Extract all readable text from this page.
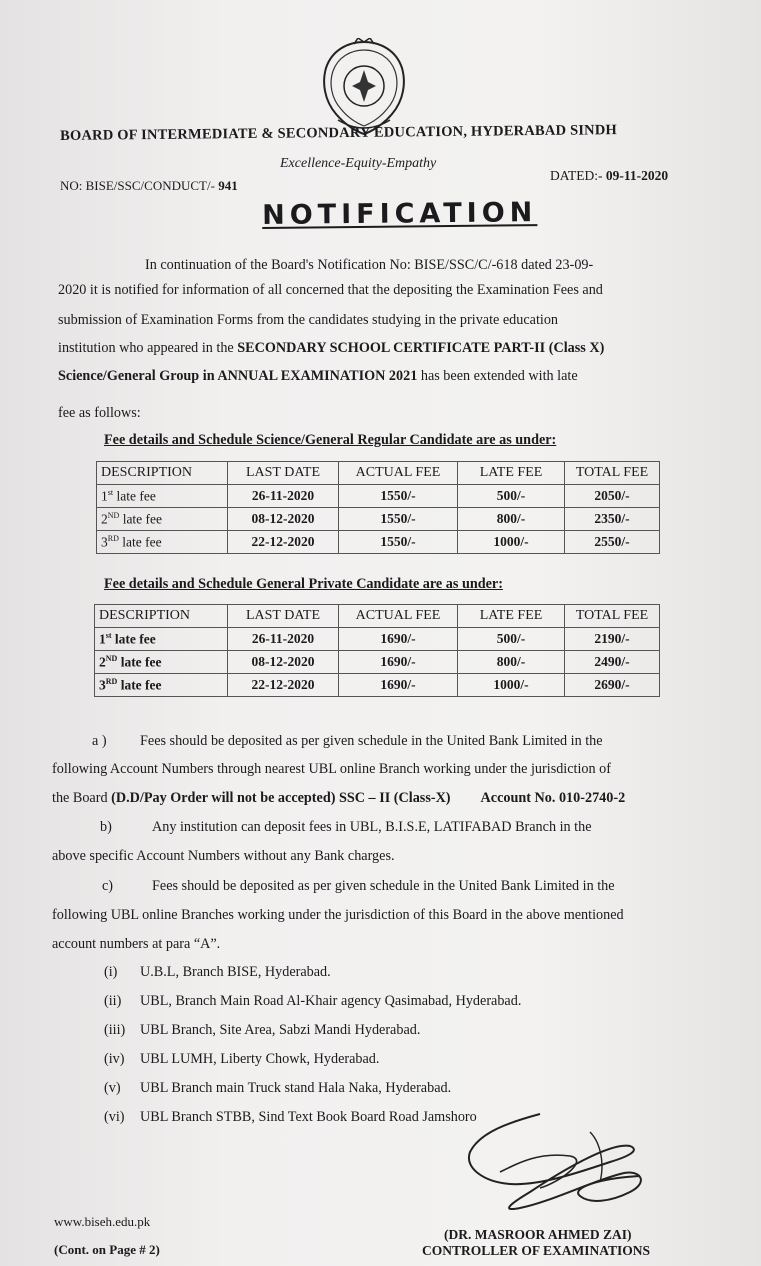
BOARD OF INTERMEDIATE & SECONDARY EDUCATION, HYDERABAD SINDH
Excellence-Equity-Empathy
NO: BISE/SSC/CONDUCT/- 941
DATED:- 09-11-2020
NOTIFICATION
In continuation of the Board's Notification No: BISE/SSC/C/-618 dated 23-09-
2020 it is notified for information of all concerned that the depositing the Examination Fees and
submission of Examination Forms from the candidates studying in the private education
institution who appeared in the SECONDARY SCHOOL CERTIFICATE PART-II (Class X)
Science/General Group in ANNUAL EXAMINATION 2021 has been extended with late
fee as follows:
Fee details and Schedule Science/General Regular Candidate are as under:
DESCRIPTION	LAST DATE	ACTUAL FEE	LATE FEE	TOTAL FEE
1st late fee	26-11-2020	1550/-	500/-	2050/-
2ND late fee	08-12-2020	1550/-	800/-	2350/-
3RD late fee	22-12-2020	1550/-	1000/-	2550/-
Fee details and Schedule General Private Candidate are as under:
DESCRIPTION	LAST DATE	ACTUAL FEE	LATE FEE	TOTAL FEE
1st late fee	26-11-2020	1690/-	500/-	2190/-
2ND late fee	08-12-2020	1690/-	800/-	2490/-
3RD late fee	22-12-2020	1690/-	1000/-	2690/-
a ) Fees should be deposited as per given schedule in the United Bank Limited in the
following Account Numbers through nearest UBL online Branch working under the jurisdiction of
the Board (D.D/Pay Order will not be accepted) SSC – II (Class-X) Account No. 010-2740-2
b)	Any institution can deposit fees in UBL, B.I.S.E, LATIFABAD Branch in the
above specific Account Numbers without any Bank charges.
c)	Fees should be deposited as per given schedule in the United Bank Limited in the
following UBL online Branches working under the jurisdiction of this Board in the above mentioned
account numbers at para “A”.
(i) U.B.L, Branch BISE, Hyderabad.
(ii) UBL, Branch Main Road Al-Khair agency Qasimabad, Hyderabad.
(iii) UBL Branch, Site Area, Sabzi Mandi Hyderabad.
(iv) UBL LUMH, Liberty Chowk, Hyderabad.
(v) UBL Branch main Truck stand Hala Naka, Hyderabad.
(vi) UBL Branch STBB, Sind Text Book Board Road Jamshoro
www.biseh.edu.pk
(Cont. on Page # 2)
(DR. MASROOR AHMED ZAI)
CONTROLLER OF EXAMINATIONS
